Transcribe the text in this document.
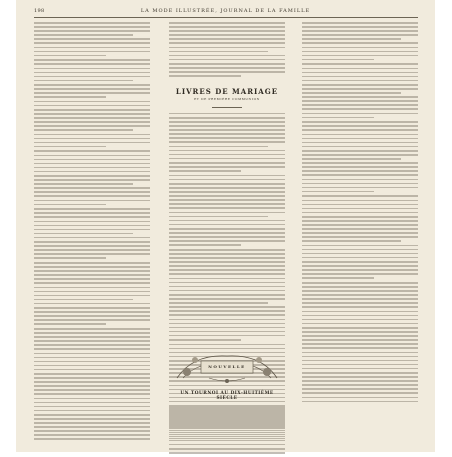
198	LA MODE ILLUSTRÉE, JOURNAL DE LA FAMILLE
LIVRES DE MARIAGE
ET DE PREMIÈRE COMMUNION
NOUVELLE
UN TOURNOI AU DIX-HUITIÈME SIÈCLE
